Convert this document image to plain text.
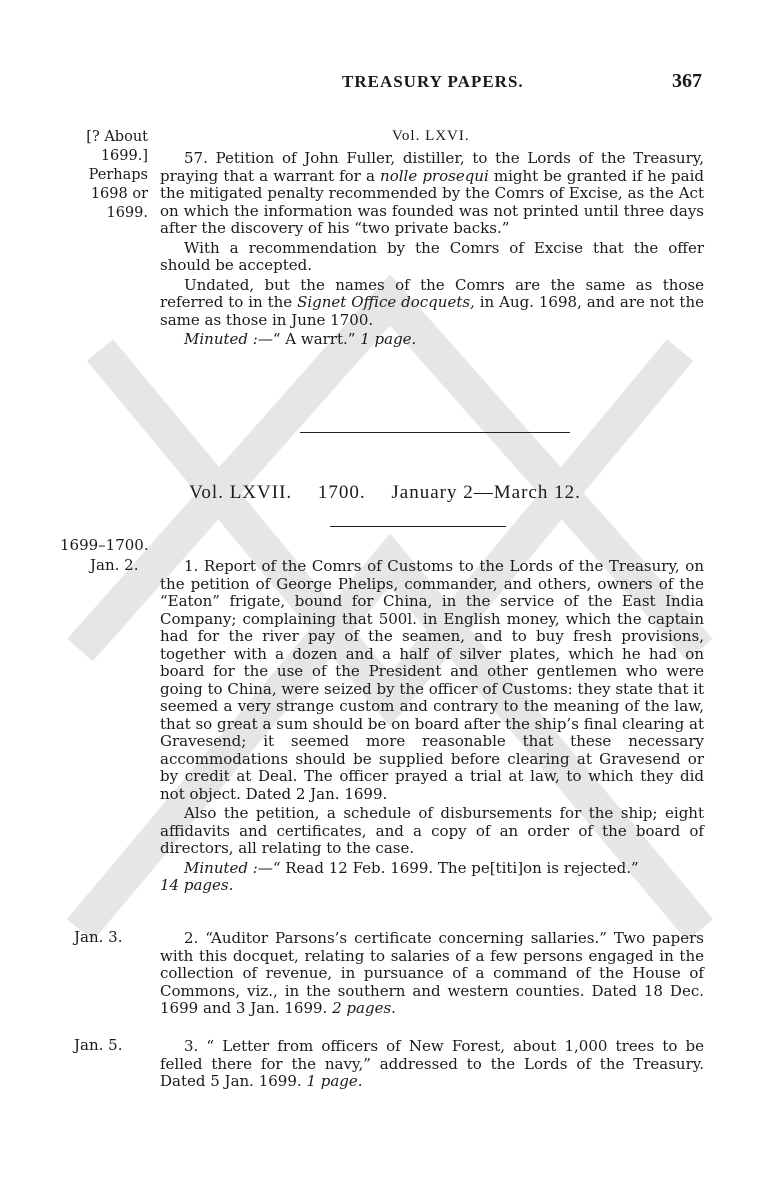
TREASURY PAPERS.	367
Vol. LXVI.
[? About
1699.]
Perhaps
1698 or
1699.

57. Petition of John Fuller, distiller, to the Lords of the Treasury, praying that a warrant for a nolle prosequi might be granted if he paid the mitigated penalty recommended by the Comrs of Excise, as the Act on which the information was founded was not printed until three days after the discovery of his “two private backs.”

With a recommendation by the Comrs of Excise that the offer should be accepted.

Undated, but the names of the Comrs are the same as those referred to in the Signet Office docquets, in Aug. 1698, and are not the same as those in June 1700.

Minuted :—“ A warrt.” 1 page.

Vol. LXVII. 1700. January 2—March 12.
1699–1700.
Jan. 2.	1. Report of the Comrs of Customs to the Lords of the Treasury, on the petition of George Phelips, commander, and others, owners of the “Eaton” frigate, bound for China, in the service of the East India Company; complaining that 500l. in English money, which the captain had for the river pay of the seamen, and to buy fresh provisions, together with a dozen and a half of silver plates, which he had on board for the use of the President and other gentlemen who were going to China, were seized by the officer of Customs: they state that it seemed a very strange custom and contrary to the meaning of the law, that so great a sum should be on board after the ship’s final clearing at Gravesend; it seemed more reasonable that these necessary accommodations should be supplied before clearing at Gravesend or by credit at Deal. The officer prayed a trial at law, to which they did not object. Dated 2 Jan. 1699.

Also the petition, a schedule of disbursements for the ship; eight affidavits and certificates, and a copy of an order of the board of directors, all relating to the case.

Minuted :—“ Read 12 Feb. 1699. The pe[titi]on is rejected.”
14 pages.

Jan. 3.	2. “Auditor Parsons’s certificate concerning sallaries.” Two papers with this docquet, relating to salaries of a few persons engaged in the collection of revenue, in pursuance of a command of the House of Commons, viz., in the southern and western counties. Dated 18 Dec. 1699 and 3 Jan. 1699. 2 pages.

Jan. 5.	3. “ Letter from officers of New Forest, about 1,000 trees to be felled there for the navy,” addressed to the Lords of the Treasury. Dated 5 Jan. 1699. 1 page.
